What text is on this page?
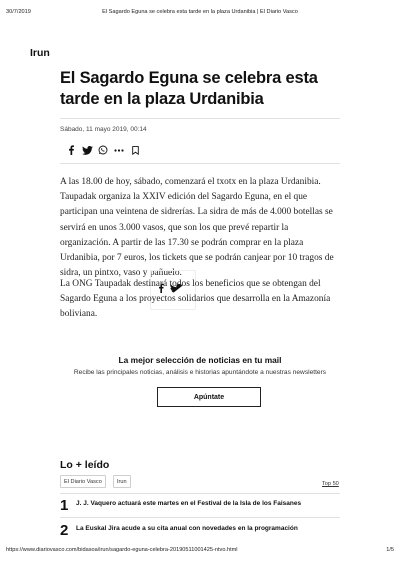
30/7/2019	El Sagardo Eguna se celebra esta tarde en la plaza Urdanibia | El Diario Vasco
Irun
El Sagardo Eguna se celebra esta tarde en la plaza Urdanibia
Sábado, 11 mayo 2019, 00:14

A las 18.00 de hoy, sábado, comenzará el txotx en la plaza Urdanibia. Taupadak organiza la XXIV edición del Sagardo Eguna, en el que participan una veintena de sidrerías. La sidra de más de 4.000 botellas se servirá en unos 3.000 vasos, que son los que prevé repartir la organización. A partir de las 17.30 se podrán comprar en la plaza Urdanibia, por 7 euros, los tickets que se podrán canjear por 10 tragos de sidra, un pintxo, vaso y pañuelo.

La ONG Taupadak destinará todos los beneficios que se obtengan del Sagardo Eguna a los proyectos solidarios que desarrolla en la Amazonía boliviana.

La mejor selección de noticias en tu mail

Recibe las principales noticias, análisis e historias apuntándote a nuestras newsletters

Apúntate
Lo + leído
El Diario Vasco	Irun	Top 50
1 J. J. Vaquero actuará este martes en el Festival de la Isla de los Faisanes
2 La Euskal Jira acude a su cita anual con novedades en la programación
https://www.diariovasco.com/bidasoa/irun/sagardo-eguna-celebra-20190511001425-ntvo.html	1/5
